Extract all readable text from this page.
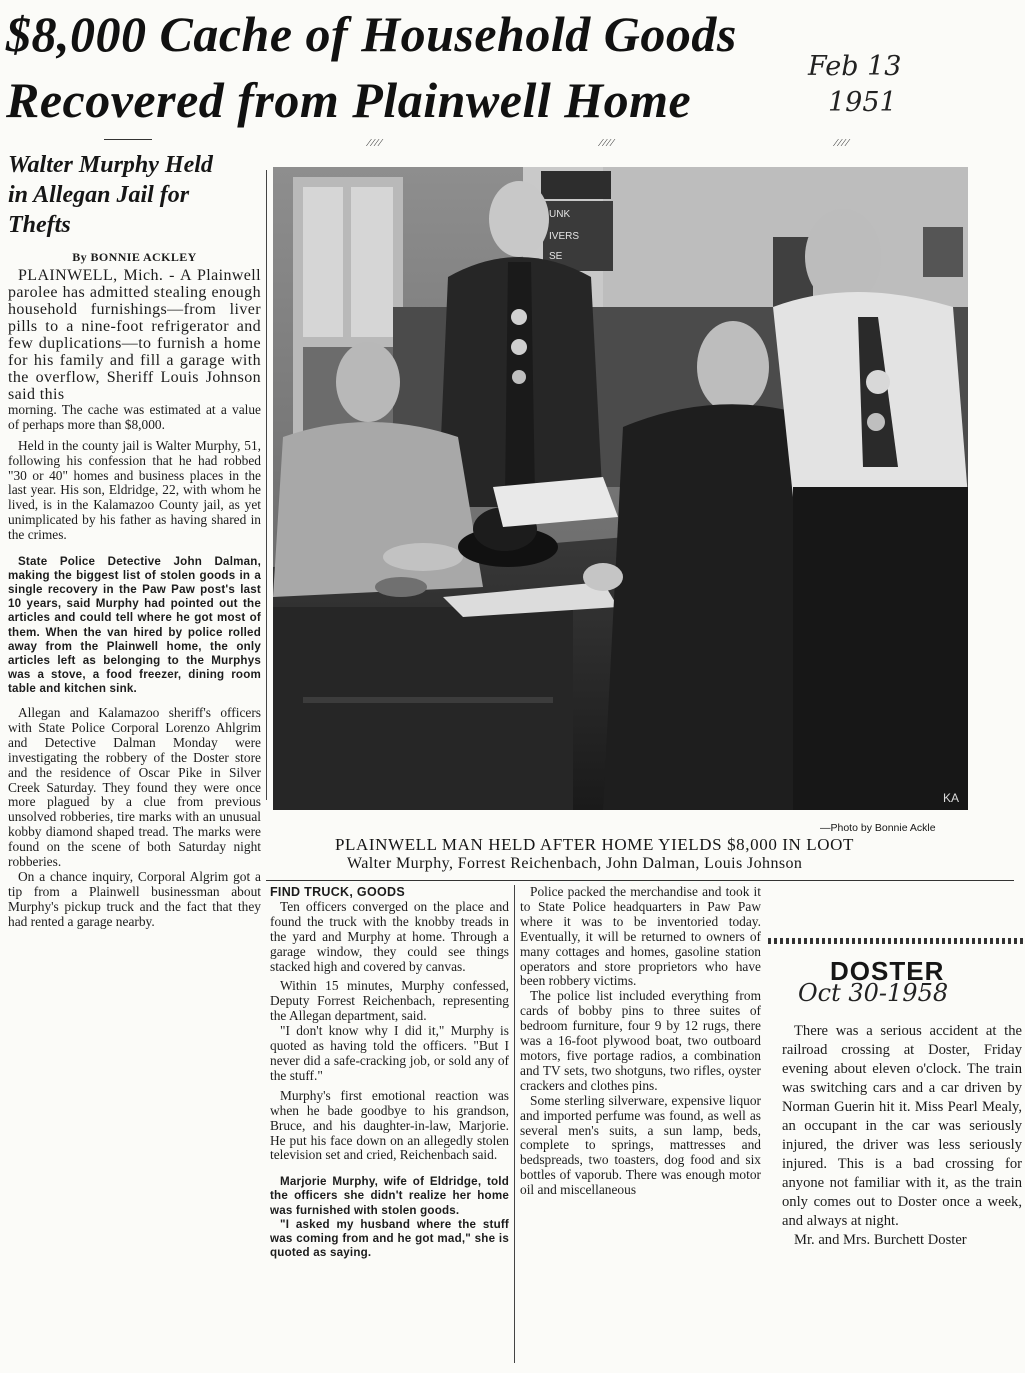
$8,000 Cache of Household Goods
Recovered from Plainwell Home
Feb 13
1951
⁄⁄⁄⁄	⁄⁄⁄⁄	⁄⁄⁄⁄
Walter Murphy Held in Allegan Jail for Thefts
By BONNIE ACKLEY

PLAINWELL, Mich. - A Plainwell parolee has admitted stealing enough household furnishings—from liver pills to a nine-foot refrigerator and few duplications—to furnish a home for his family and fill a garage with the overflow, Sheriff Louis Johnson said this

morning. The cache was estimated at a value of perhaps more than $8,000.

Held in the county jail is Walter Murphy, 51, following his confession that he had robbed "30 or 40" homes and business places in the last year. His son, Eldridge, 22, with whom he lived, is in the Kalamazoo County jail, as yet unimplicated by his father as having shared in the crimes.

State Police Detective John Dalman, making the biggest list of stolen goods in a single recovery in the Paw Paw post's last 10 years, said Murphy had pointed out the articles and could tell where he got most of them. When the van hired by police rolled away from the Plainwell home, the only articles left as belonging to the Murphys was a stove, a food freezer, dining room table and kitchen sink.

Allegan and Kalamazoo sheriff's officers with State Police Corporal Lorenzo Ahlgrim and Detective Dalman Monday were investigating the robbery of the Doster store and the residence of Oscar Pike in Silver Creek Saturday. They found they were once more plagued by a clue from previous unsolved robberies, tire marks with an unusual kobby diamond shaped tread. The marks were found on the scene of both Saturday night robberies.

On a chance inquiry, Corporal Algrim got a tip from a Plainwell businessman about Murphy's pickup truck and the fact that they had rented a garage nearby.

UNK
IVERS
SE
KA
—Photo by Bonnie Ackle
PLAINWELL MAN HELD AFTER HOME YIELDS $8,000 IN LOOT
Walter Murphy, Forrest Reichenbach, John Dalman, Louis Johnson
FIND TRUCK, GOODS

Ten officers converged on the place and found the truck with the knobby treads in the yard and Murphy at home. Through a garage window, they could see things stacked high and covered by canvas.

Within 15 minutes, Murphy confessed, Deputy Forrest Reichenbach, representing the Allegan department, said.

"I don't know why I did it," Murphy is quoted as having told the officers. "But I never did a safe-cracking job, or sold any of the stuff."

Murphy's first emotional reaction was when he bade goodbye to his grandson, Bruce, and his daughter-in-law, Marjorie. He put his face down on an allegedly stolen television set and cried, Reichenbach said.

Marjorie Murphy, wife of Eldridge, told the officers she didn't realize her home was furnished with stolen goods.

"I asked my husband where the stuff was coming from and he got mad," she is quoted as saying.

Police packed the merchandise and took it to State Police headquarters in Paw Paw where it was to be inventoried today. Eventually, it will be returned to owners of many cottages and homes, gasoline station operators and store proprietors who have been robbery victims.

The police list included everything from cards of bobby pins to three suites of bedroom furniture, four 9 by 12 rugs, there was a 16-foot plywood boat, two outboard motors, five portage radios, a combination and TV sets, two shotguns, two rifles, oyster crackers and clothes pins.

Some sterling silverware, expensive liquor and imported perfume was found, as well as several men's suits, a sun lamp, beds, complete to springs, mattresses and bedspreads, two toasters, dog food and six bottles of vaporub. There was enough motor oil and miscellaneous

DOSTER
Oct 30-1958

There was a serious accident at the railroad crossing at Doster, Friday evening about eleven o'clock. The train was switching cars and a car driven by Norman Guerin hit it. Miss Pearl Mealy, an occupant in the car was seriously injured, the driver was less seriously injured. This is a bad crossing for anyone not familiar with it, as the train only comes out to Doster once a week, and always at night.

Mr. and Mrs. Burchett Doster
